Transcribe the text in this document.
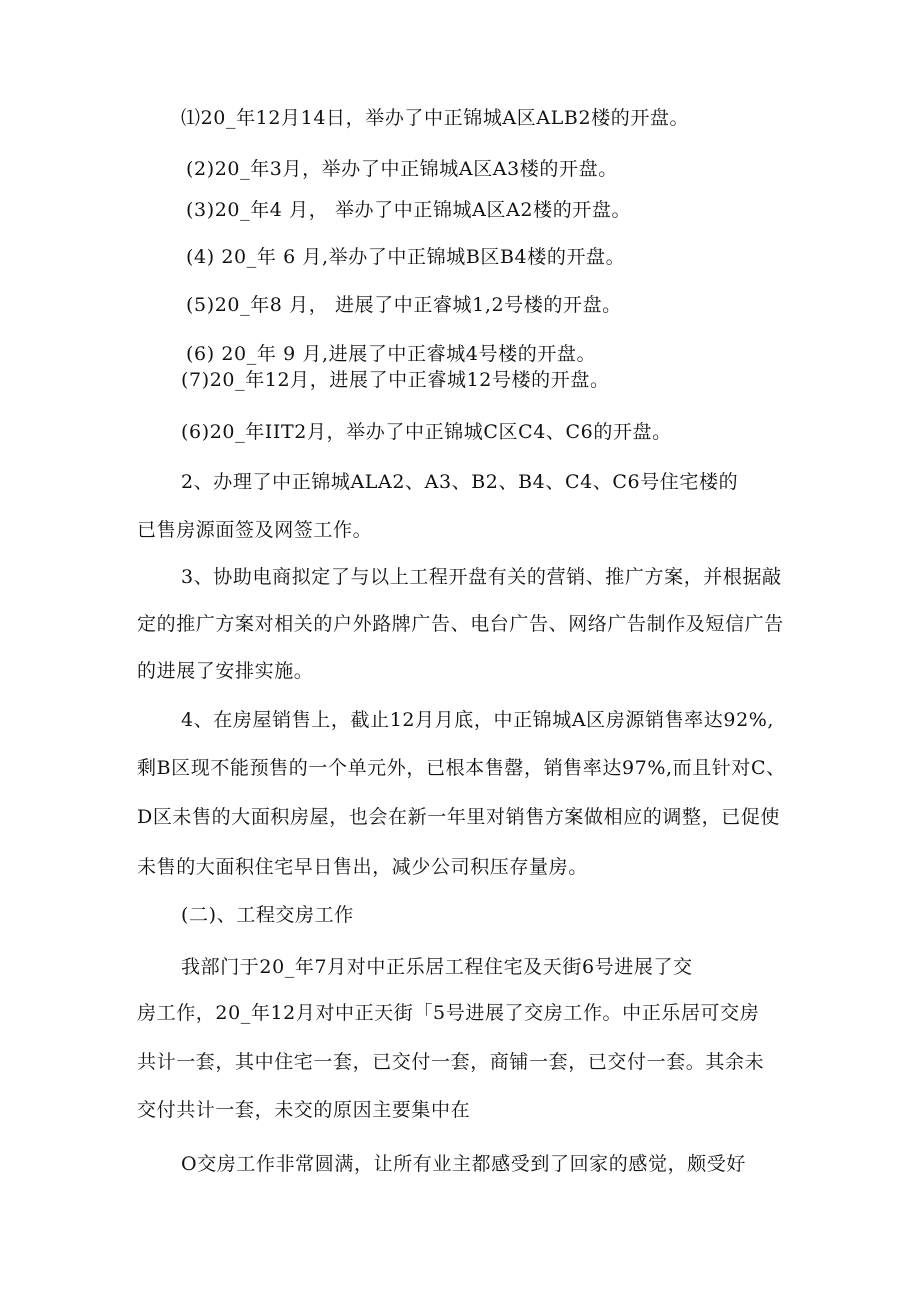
⑴20_年12月14日，举办了中正锦城A区ALB2楼的开盘。
(2)20_年3月，举办了中正锦城A区A3楼的开盘。
(3)20_年4 月， 举办了中正锦城A区A2楼的开盘。
(4) 20_年 6 月,举办了中正锦城B区B4楼的开盘。
(5)20_年8 月， 进展了中正睿城1,2号楼的开盘。
(6) 20_年 9 月,进展了中正睿城4号楼的开盘。
(7)20_年12月，进展了中正睿城12号楼的开盘。
(6)20_年IIT2月，举办了中正锦城C区C4、C6的开盘。
2、办理了中正锦城ALA2、A3、B2、B4、C4、C6号住宅楼的
已售房源面签及网签工作。
3、协助电商拟定了与以上工程开盘有关的营销、推广方案，并根据敲
定的推广方案对相关的户外路牌广告、电台广告、网络广告制作及短信广告
的进展了安排实施。
4、在房屋销售上，截止12月月底，中正锦城A区房源销售率达92%,
剩B区现不能预售的一个单元外，已根本售罄，销售率达97%,而且针对C、
D区未售的大面积房屋，也会在新一年里对销售方案做相应的调整，已促使
未售的大面积住宅早日售出，减少公司积压存量房。
(二)、工程交房工作
我部门于20_年7月对中正乐居工程住宅及天街6号进展了交
房工作，20_年12月对中正天街「5号进展了交房工作。中正乐居可交房
共计一套，其中住宅一套，已交付一套，商铺一套，已交付一套。其余未
交付共计一套，未交的原因主要集中在
O交房工作非常圆满，让所有业主都感受到了回家的感觉，颇受好
